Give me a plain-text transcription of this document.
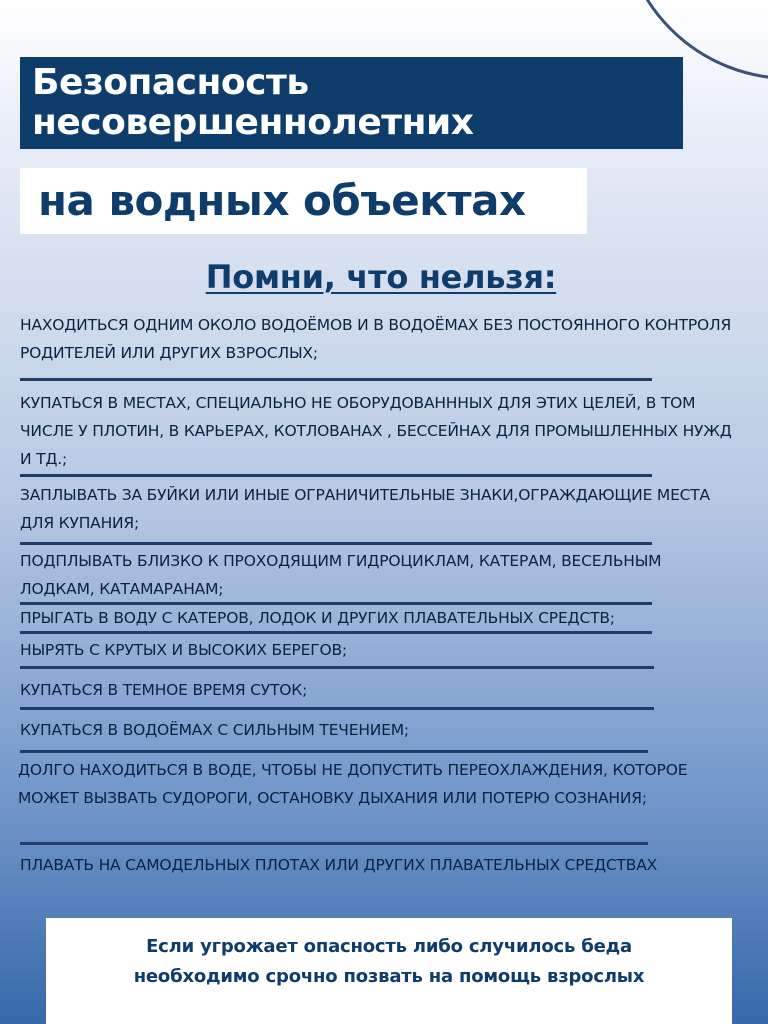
Безопасность
несовершеннолетних
на водных объектах
Помни, что нельзя:
НАХОДИТЬСЯ ОДНИМ ОКОЛО ВОДОЁМОВ И В ВОДОЁМАХ БЕЗ ПОСТОЯННОГО КОНТРОЛЯ РОДИТЕЛЕЙ ИЛИ ДРУГИХ ВЗРОСЛЫХ;
КУПАТЬСЯ В МЕСТАХ, СПЕЦИАЛЬНО НЕ ОБОРУДОВАНННЫХ ДЛЯ ЭТИХ ЦЕЛЕЙ, В ТОМ ЧИСЛЕ У ПЛОТИН, В КАРЬЕРАХ, КОТЛОВАНАХ , БЕССЕЙНАХ ДЛЯ ПРОМЫШЛЕННЫХ НУЖД И ТД.;
ЗАПЛЫВАТЬ ЗА БУЙКИ ИЛИ ИНЫЕ ОГРАНИЧИТЕЛЬНЫЕ ЗНАКИ,ОГРАЖДАЮЩИЕ МЕСТА ДЛЯ КУПАНИЯ;
ПОДПЛЫВАТЬ БЛИЗКО К ПРОХОДЯЩИМ ГИДРОЦИКЛАМ, КАТЕРАМ, ВЕСЕЛЬНЫМ ЛОДКАМ, КАТАМАРАНАМ;
ПРЫГАТЬ В ВОДУ С КАТЕРОВ, ЛОДОК И ДРУГИХ ПЛАВАТЕЛЬНЫХ СРЕДСТВ;
НЫРЯТЬ С КРУТЫХ И ВЫСОКИХ БЕРЕГОВ;
КУПАТЬСЯ В ТЕМНОЕ ВРЕМЯ СУТОК;
КУПАТЬСЯ В ВОДОЁМАХ С СИЛЬНЫМ ТЕЧЕНИЕМ;
ДОЛГО НАХОДИТЬСЯ В ВОДЕ, ЧТОБЫ НЕ ДОПУСТИТЬ ПЕРЕОХЛАЖДЕНИЯ, КОТОРОЕ МОЖЕТ ВЫЗВАТЬ СУДОРОГИ, ОСТАНОВКУ ДЫХАНИЯ ИЛИ ПОТЕРЮ СОЗНАНИЯ;
ПЛАВАТЬ НА САМОДЕЛЬНЫХ ПЛОТАХ ИЛИ ДРУГИХ ПЛАВАТЕЛЬНЫХ СРЕДСТВАХ
Если угрожает опасность либо случилось беда
необходимо срочно позвать на помощь взрослых
